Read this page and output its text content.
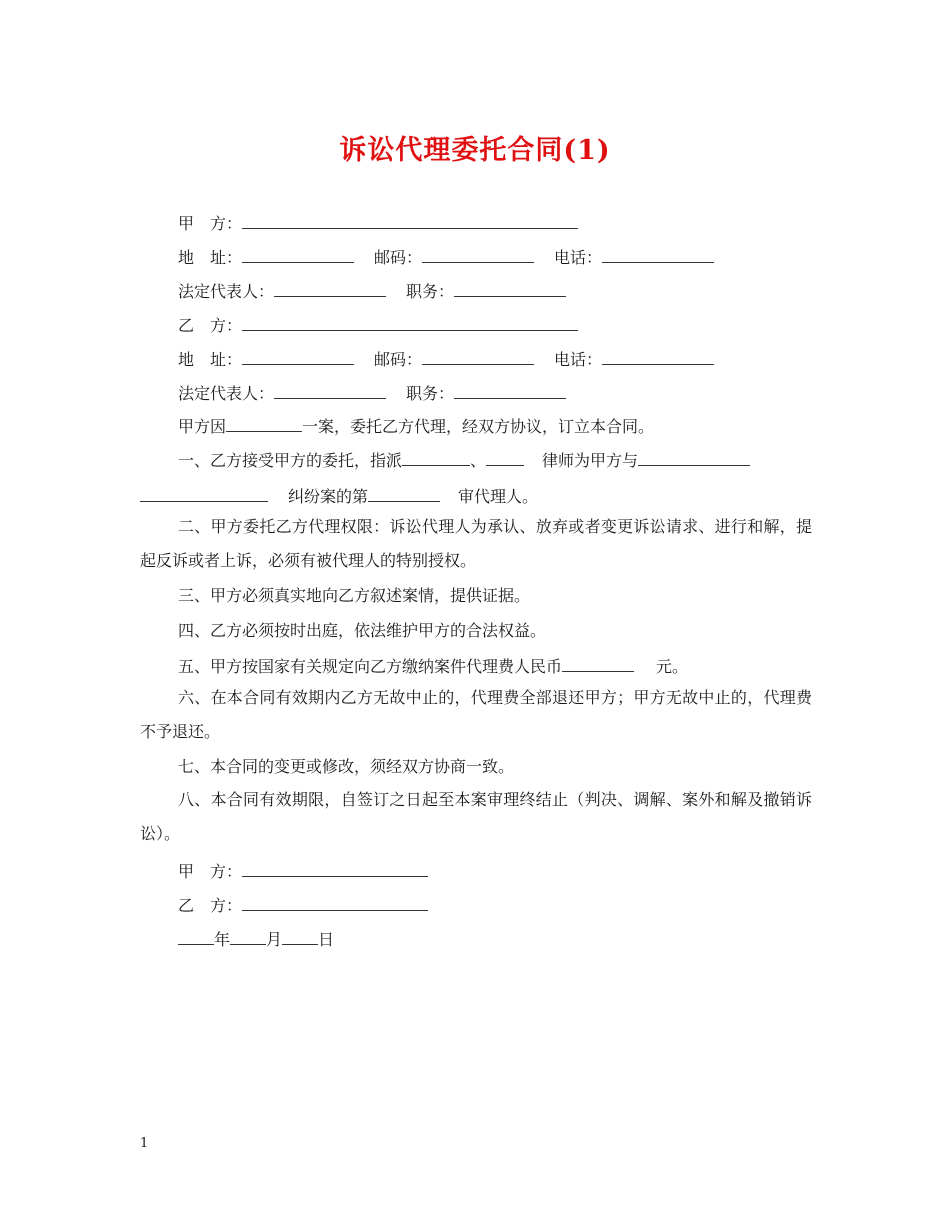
诉讼代理委托合同(1)
甲　方：
地　址：	邮码：	电话：
法定代表人：	职务：
乙　方：
地　址：	邮码：	电话：
法定代表人：	职务：
甲方因	一案，委托乙方代理，经双方协议，订立本合同。
一、乙方接受甲方的委托，指派	、	律师为甲方与
纠纷案的第	审代理人。
二、甲方委托乙方代理权限：诉讼代理人为承认、放弃或者变更诉讼请求、进行和解，提起反诉或者上诉，必须有被代理人的特别授权。
三、甲方必须真实地向乙方叙述案情，提供证据。
四、乙方必须按时出庭，依法维护甲方的合法权益。
五、甲方按国家有关规定向乙方缴纳案件代理费人民币	元。
六、在本合同有效期内乙方无故中止的，代理费全部退还甲方；甲方无故中止的，代理费不予退还。
七、本合同的变更或修改，须经双方协商一致。
八、本合同有效期限，自签订之日起至本案审理终结止（判决、调解、案外和解及撤销诉讼）。
甲　方：
乙　方：
年 月 日
1
